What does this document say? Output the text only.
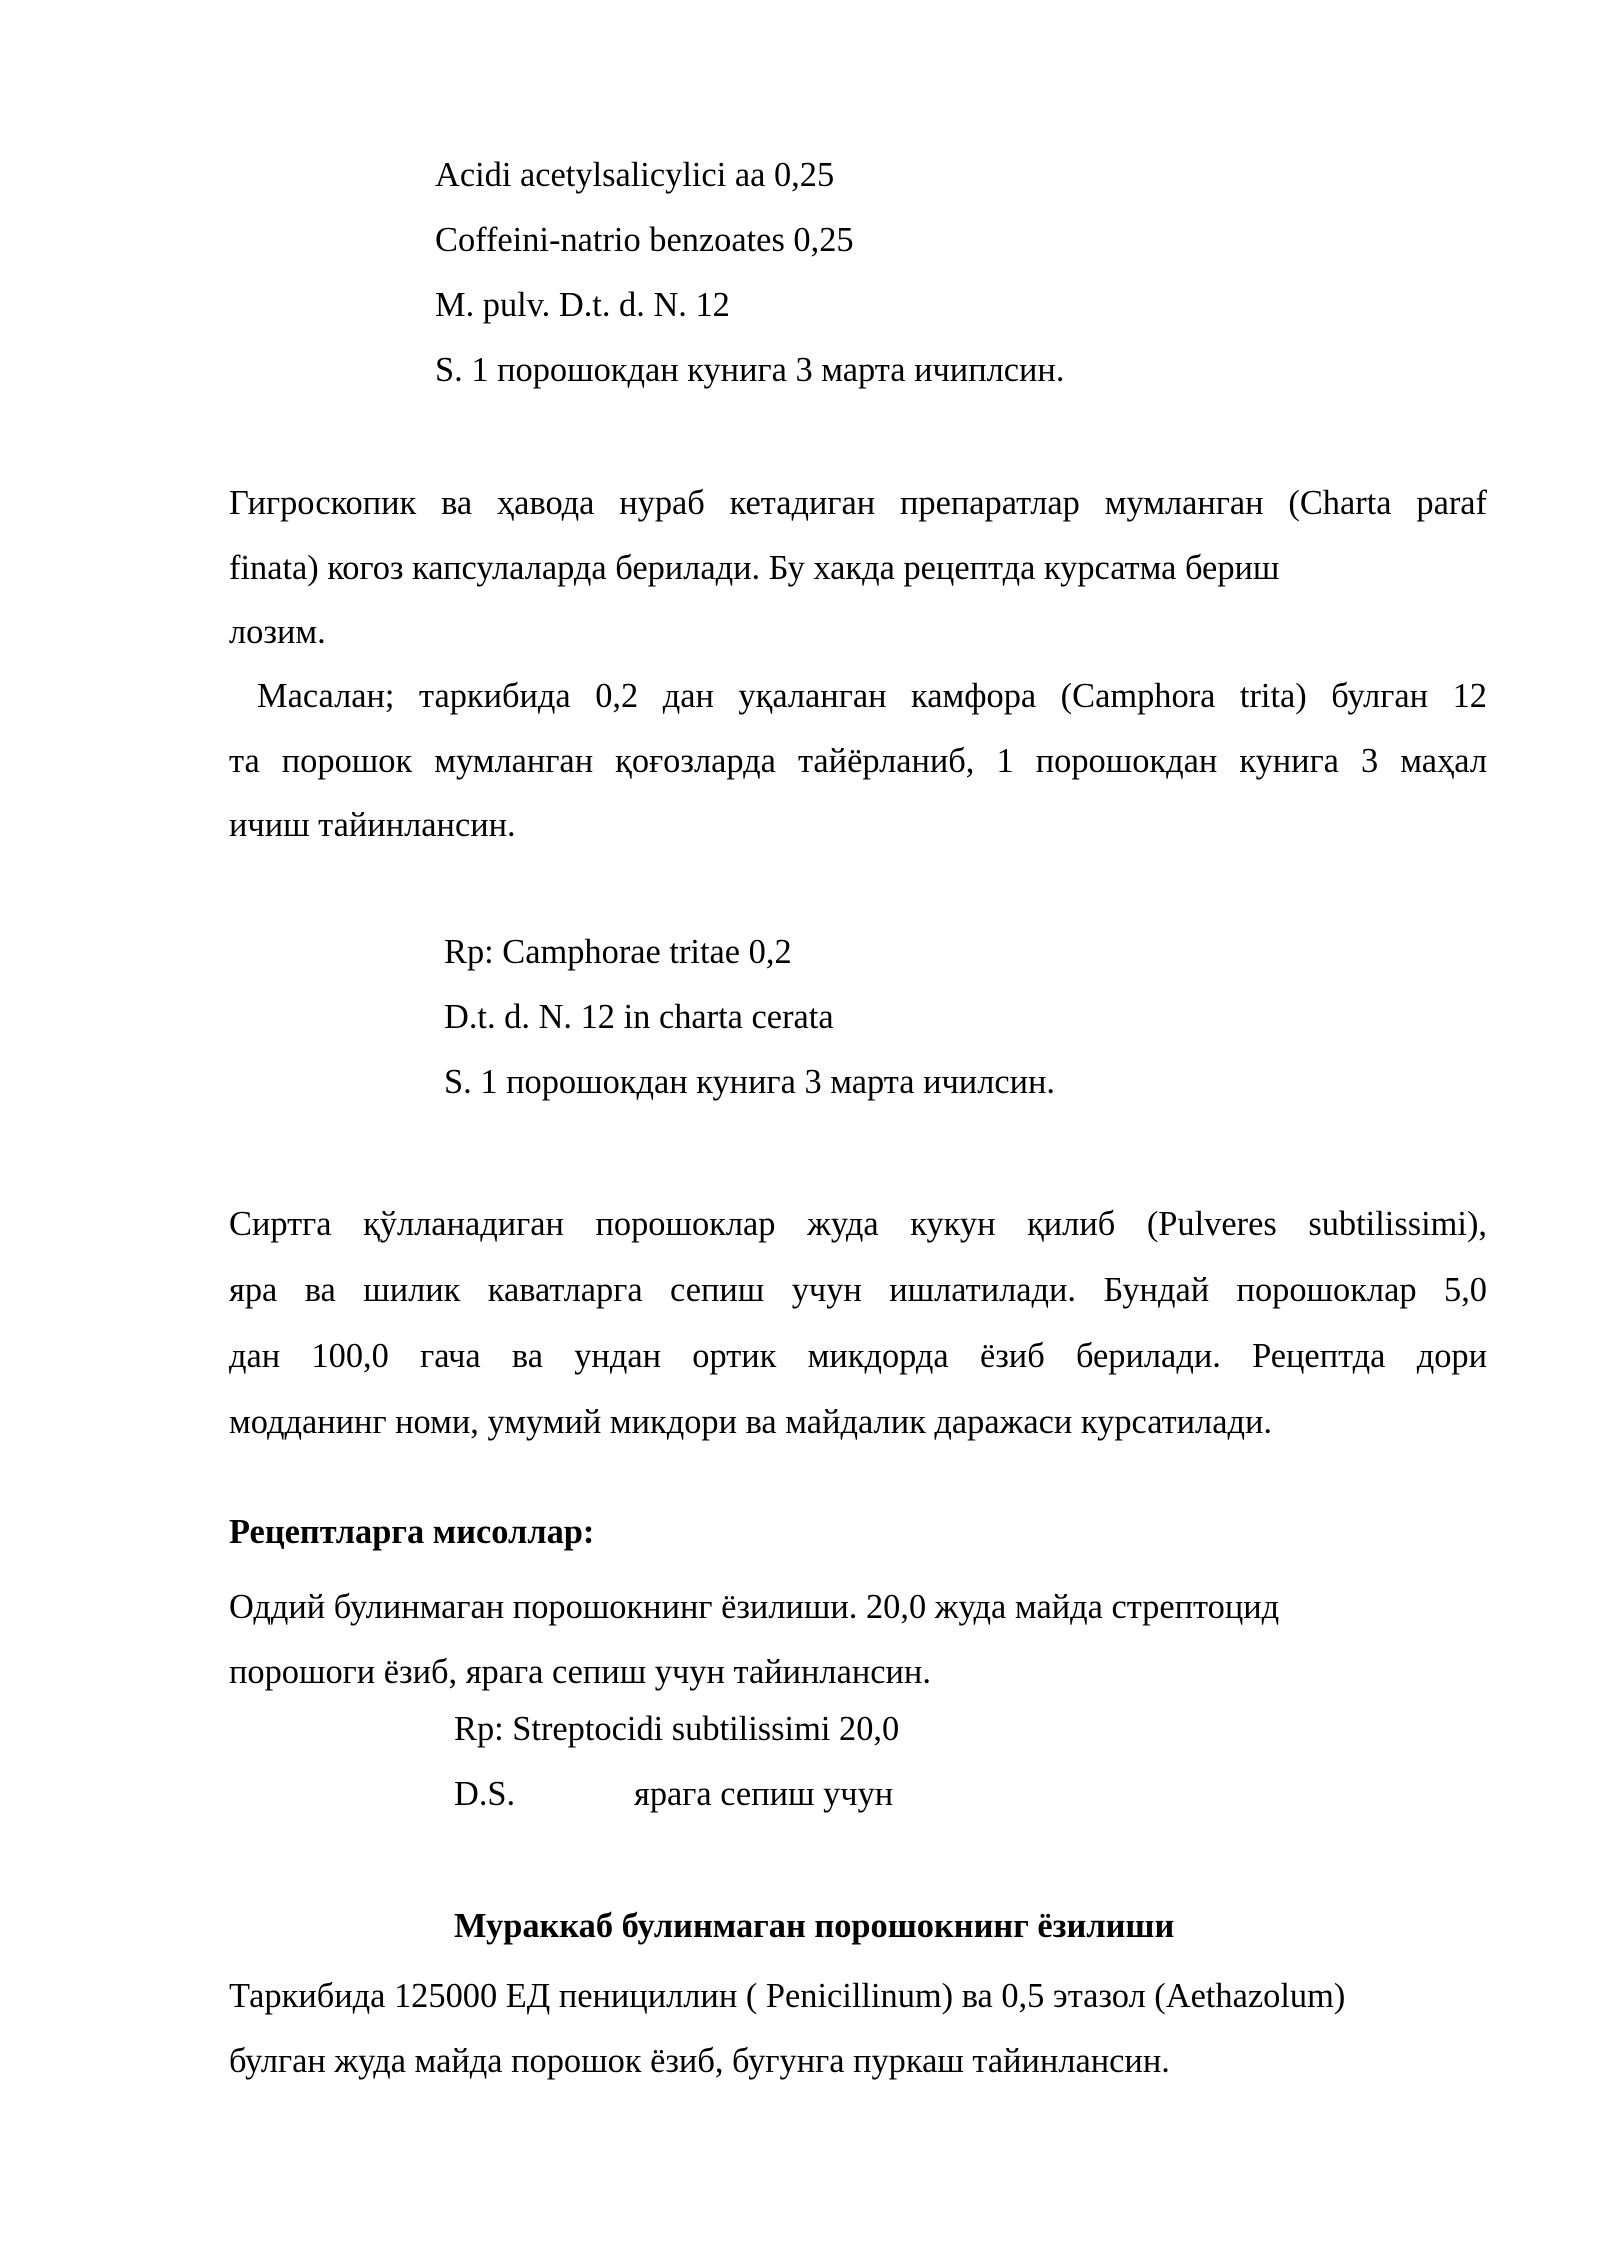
Acidi acetylsalicylici aa 0,25
Coffeini-natrio benzoates 0,25
M. pulv. D.t. d. N. 12
S. 1 порошокдан кунига 3 марта ичиплсин.
Гигроскопик ва ҳавода нураб кетадиган препаратлар мумланган (Charta paraf
finata) когоз капсулаларда берилади. Бу хакда рецептда курсатма бериш
лозим.
Масалан; таркибида 0,2 дан уқаланган камфора (Camphora trita) булган 12
та порошок мумланган қоғозларда тайёрланиб, 1 порошокдан кунига 3 маҳал
ичиш тайинлансин.
Rp: Camphorae tritae 0,2
D.t. d. N. 12 in charta cerata
S. 1 порошокдан кунига 3 марта ичилсин.
Сиртга қўлланадиган порошоклар жуда кукун қилиб (Pulveres subtilissimi),
яра ва шилик каватларга сепиш учун ишлатилади. Бундай порошоклар 5,0
дан 100,0 гача ва ундан ортик микдорда ёзиб берилади. Рецептда дори
модданинг номи, умумий микдори ва майдалик даражаси курсатилади.
Рецептларга мисоллар:
Оддий булинмаган порошокнинг ёзилиши. 20,0 жуда майда стрептоцид
порошоги ёзиб, ярага сепиш учун тайинлансин.
Rp: Streptocidi subtilissimi 20,0
D.S.	ярага сепиш учун
Мураккаб булинмаган порошокнинг ёзилиши
Таркибида 125000 ЕД пенициллин ( Penicillinum) ва 0,5 этазол (Aethazolum)
булган жуда майда порошок ёзиб, бугунга пуркаш тайинлансин.
